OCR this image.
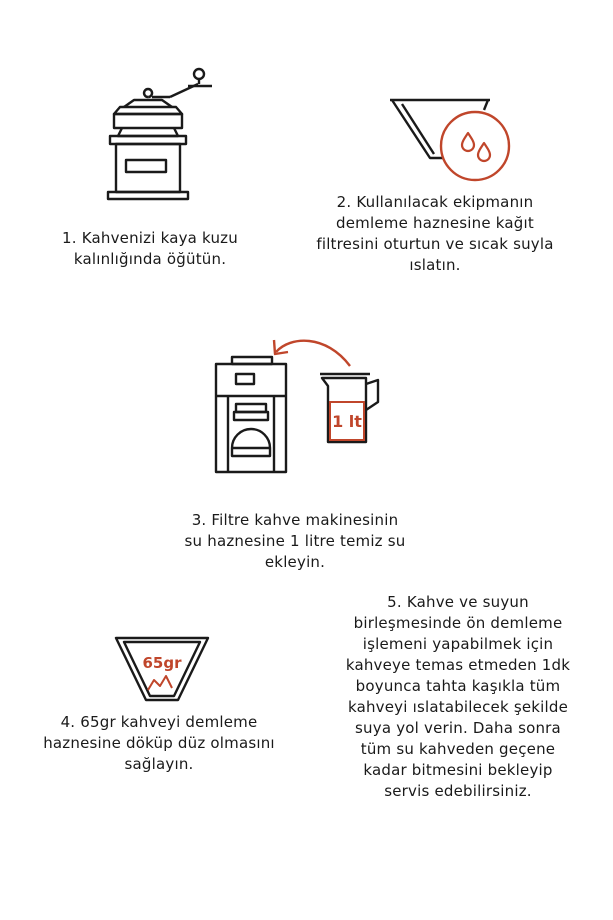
1. Kahvenizi kaya kuzu
kalınlığında öğütün.
2. Kullanılacak ekipmanın
demleme haznesine kağıt
filtresini oturtun ve sıcak suyla
ıslatın.
1 lt
3. Filtre kahve makinesinin
su haznesine 1 litre temiz su
ekleyin.
65gr
4. 65gr kahveyi demleme
haznesine döküp düz olmasını
sağlayın.
5. Kahve ve suyun
birleşmesinde ön demleme
işlemeni yapabilmek için
kahveye temas etmeden 1dk
boyunca tahta kaşıkla tüm
kahveyi ıslatabilecek şekilde
suya yol verin. Daha sonra
tüm su kahveden geçene
kadar bitmesini bekleyip
servis edebilirsiniz.
